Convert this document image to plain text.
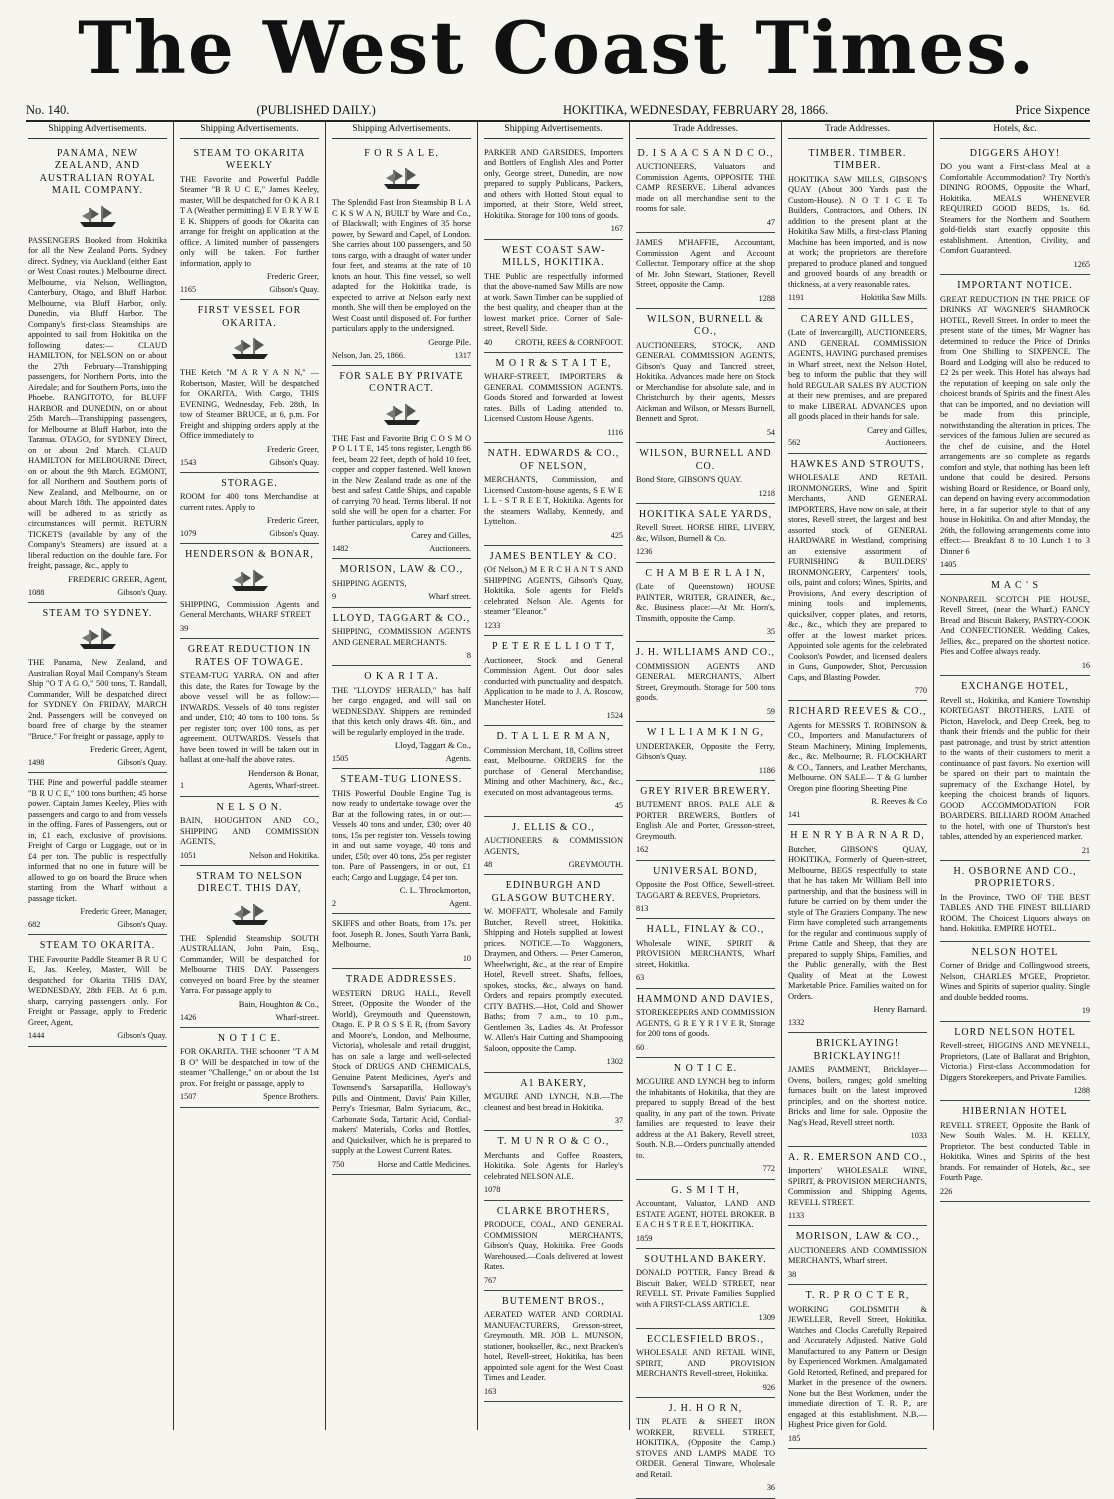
The West Coast Times.
No. 140.	(PUBLISHED DAILY.)	HOKITIKA, WEDNESDAY, FEBRUARY 28, 1866.	Price Sixpence
Shipping Advertisements.
PANAMA, NEW ZEALAND, AND AUSTRALIAN ROYAL MAIL COMPANY.
PASSENGERS Booked from Hokitika for all the New Zealand Ports. Sydney direct. Sydney, via Auckland (either East or West Coast routes.) Melbourne direct. Melbourne, via Nelson, Wellington, Canterbury, Otago, and Bluff Harbor. Melbourne, via Bluff Harbor, only. Dunedin, via Bluff Harbor. The Company's first-class Steamships are appointed to sail from Hokitika on the following dates:— CLAUD HAMILTON, for NELSON on or about the 27th February—Transhipping passengers, for Northern Ports, into the Airedale; and for Southern Ports, into the Phoebe. RANGITOTO, for BLUFF HARBOR and DUNEDIN, on or about 25th March—Transhipping passengers, for Melbourne at Bluff Harbor, into the Taranua. OTAGO, for SYDNEY Direct, on or about 2nd March. CLAUD HAMILTON for MELBOURNE Direct, on or about the 9th March. EGMONT, for all Northern and Southern ports of New Zealand, and Melbourne, on or about March 18th. The appointed dates will be adhered to as strictly as circumstances will permit. RETURN TICKETS (available by any of the Company's Steamers) are issued at a liberal reduction on the double fare. For freight, passage, &c., apply to
FREDERIC GREER, Agent,
1088	Gibson's Quay.
STEAM TO SYDNEY.
THE Panama, New Zealand, and Australian Royal Mail Company's Steam Ship "O T A G O," 500 tons, T. Randall, Commander, Will be despatched direct for SYDNEY On FRIDAY, MARCH 2nd. Passengers will be conveyed on board free of charge by the steamer "Bruce." For freight or passage, apply to
Frederic Greer, Agent,
1498	Gibson's Quay.
THE Pine and powerful paddle steamer "B R U C E," 100 tons burthen; 45 horse power. Captain James Keeley, Plies with passengers and cargo to and from vessels in the offing. Fares of Passengers, out or in, £1 each, exclusive of provisions. Freight of Cargo or Luggage, out or in £4 per ton. The public is respectfully informed that no one in future will be allowed to go on board the Bruce when starting from the Wharf without a passage ticket.
Frederic Greer, Manager,
682	Gibson's Quay.
STEAM TO OKARITA.
THE Favourite Paddle Steamer B R U C E, Jas. Keeley, Master, Will be despatched for Okarita THIS DAY, WEDNESDAY, 28th FEB. At 6 p.m. sharp, carrying passengers only. For Freight or Passage, apply to Frederic Greer, Agent,
1444	Gibson's Quay.
Shipping Advertisements.
STEAM TO OKARITA WEEKLY
THE Favorite and Powerful Paddle Steamer "B R U C E," James Keeley, master, Will be despatched for O K A R I T A (Weather permitting) E V E R Y W E E K. Shippers of goods for Okarita can arrange for freight on application at the office. A limited number of passengers only will be taken. For further information, apply to
Frederic Greer,
1165	Gibson's Quay.
FIRST VESSEL FOR OKARITA.
THE Ketch "M A R Y A N N," — Robertson, Master, Will be despatched for OKARITA, With Cargo, THIS EVENING, Wednesday, Feb. 28th, In tow of Steamer BRUCE, at 6, p.m. For Freight and shipping orders apply at the Office immediately to
Frederic Greer,
1543	Gibson's Quay.
STORAGE.
ROOM for 400 tons Merchandise at current rates. Apply to
Frederic Greer,
1079	Gibson's Quay.
HENDERSON & BONAR,
SHIPPING, Commission Agents and General Merchants, WHARF STREET
39
GREAT REDUCTION IN RATES OF TOWAGE.
STEAM-TUG YARRA. ON and after this date, the Rates for Towage by the above vessel will be as follow:— INWARDS. Vessels of 40 tons register and under, £10; 40 tons to 100 tons. 5s per register ton; over 100 tons, as per agreement. OUTWARDS. Vessels that have been towed in will be taken out in ballast at one-half the above rates.
Henderson & Bonar,
1	Agents, Wharf-street.
N E L S O N.
BAIN, HOUGHTON AND CO., SHIPPING AND COMMISSION AGENTS,
1051	Nelson and Hokitika.
STRAM TO NELSON DIRECT. THIS DAY,
THE Splendid Steamship SOUTH AUSTRALIAN, John Pain, Esq., Commander, Will be despatched for Melbourne THIS DAY. Passengers conveyed on board Free by the steamer Yarra. For passage apply to
Bain, Houghton & Co.,
1426	Wharf-street.
N O T I C E.
FOR OKARITA. THE schooner "T A M B O" Will be despatched in tow of the steamer "Challenge," on or about the 1st prox. For freight or passage, apply to
1507	Spence Brothers.
Shipping Advertisements.
F O R S A L E.
The Splendid Fast Iron Steamship B L A C K S W A N, BUILT by Ware and Co., of Blackwall; with Engines of 35 horse power, by Seward and Capel, of London. She carries about 100 passengers, and 50 tons cargo, with a draught of water under four feet, and steams at the rate of 10 knots an hour. This fine vessel, so well adapted for the Hokitika trade, is expected to arrive at Nelson early next month. She will then be employed on the West Coast until disposed of. For further particulars apply to the undersigned.
George Pile.
Nelson, Jan. 25, 1866.	1317
FOR SALE BY PRIVATE CONTRACT.
THE Fast and Favorite Brig C O S M O P O L I T E, 145 tons register, Length 86 feet, beam 22 feet, depth of hold 10 feet, copper and copper fastened. Well known in the New Zealand trade as one of the best and safest Cattle Ships, and capable of carrying 70 head. Terms liberal. If not sold she will be open for a charter. For further particulars, apply to
Carey and Gilles,
1482	Auctioneers.
MORISON, LAW & CO.,
SHIPPING AGENTS,
9	Wharf street.
LLOYD, TAGGART & CO.,
SHIPPING, COMMISSION AGENTS AND GENERAL MERCHANTS.
8
O K A R I T A.
THE "LLOYDS' HERALD," has half her cargo engaged, and will sail on WEDNESDAY. Shippers are reminded that this ketch only draws 4ft. 6in., and will be regularly employed in the trade.
Lloyd, Taggart & Co.,
1505	Agents.
STEAM-TUG LIONESS.
THIS Powerful Double Engine Tug is now ready to undertake towage over the Bar at the following rates, in or out:— Vessels 40 tons and under, £30; over 40 tons, 15s per register ton. Vessels towing in and out same voyage, 40 tons and under, £50; over 40 tons, 25s per register ton. Pare of Passengers, in or out, £1 each; Cargo and Luggage, £4 per ton.
C. L. Throckmorton,
2	Agent.
SKIFFS and other Boats, from 17s. per foot. Joseph R. Jones, South Yarra Bank, Melbourne.
10
TRADE ADDRESSES.
WESTERN DRUG HALL, Revell Street, (Opposite the Wonder of the World), Greymouth and Queenstown, Otago. E. P R O S S E R, (from Savory and Moore's, London, and Melbourne, Victoria), wholesale and retail druggist, has on sale a large and well-selected Stock of DRUGS AND CHEMICALS, Genuine Patent Medicines, Ayer's and Townsend's Sarsaparilla, Holloway's Pills and Ointment, Davis' Pain Killer, Perry's Triesmar, Balm Syriacum, &c., Carbonate Soda, Tartaric Acid, Cordial-makers' Materials, Corks and Bottles, and Quicksilver, which he is prepared to supply at the Lowest Current Rates.
750	Horse and Cattle Medicines.
Shipping Advertisements.
PARKER AND GARSIDES, Importers and Bottlers of English Ales and Porter only, George street, Dunedin, are now prepared to supply Publicans, Packers, and others with Hotted Stout equal to imported, at their Store, Weld street, Hokitika. Storage for 100 tons of goods.
167
WEST COAST SAW-MILLS, HOKITIKA.
THE Public are respectfully informed that the above-named Saw Mills are now at work. Sawn Timber can be supplied of the best quality, and cheaper than at the lowest market price. Corner of Sale-street, Revell Side.
40	CROTH, REES & CORNFOOT.
M O I R & S T A I T E,
WHARF-STREET, IMPORTERS & GENERAL COMMISSION AGENTS. Goods Stored and forwarded at lowest rates. Bills of Lading attended to. Licensed Custom House Agents.
1116
NATH. EDWARDS & CO., OF NELSON,
MERCHANTS, Commission, and Licensed Custom-house agents, S E W E L L - S T R E E T, Hokitika. Agents for the steamers Wallaby, Kennedy, and Lyttelton.
425
JAMES BENTLEY & CO.
(Of Nelson,) M E R C H A N T S AND SHIPPING AGENTS, Gibson's Quay, Hokitika. Sole agents for Field's celebrated Nelson Ale. Agents for steamer "Eleanor."
1233
P E T E R E L L I O T T,
Auctioneer, Stock and General Commission Agent. Out door sales conducted with punctuality and despatch. Application to be made to J. A. Roscow, Manchester Hotel.
1524
D. T A L L E R M A N,
Commission Merchant, 18, Collins street east, Melbourne. ORDERS for the purchase of General Merchandise, Mining and other Machinery, &c., &c., executed on most advantageous terms.
45
J. ELLIS & CO.,
AUCTIONEERS & COMMISSION AGENTS,
48	GREYMOUTH.
EDINBURGH AND GLASGOW BUTCHERY.
W. MOFFATT, Wholesale and Family Butcher, Revell street, Hokitika. Shipping and Hotels supplied at lowest prices. NOTICE.—To Waggoners, Draymen, and Others. — Peter Cameron, Wheelwright, &c., at the rear of Empire Hotel, Revell street. Shafts, felloes, spokes, stocks, &c., always on hand. Orders and repairs promptly executed. CITY BATHS.—Hot, Cold and Shower Baths; from 7 a.m., to 10 p.m., Gentlemen 3s, Ladies 4s. At Professor W. Allen's Hair Cutting and Shampooing Saloon, opposite the Camp.
1302
A1 BAKERY,
M'GUIRE AND LYNCH, N.B.—The cleanest and best bread in Hokitika.
37
T. M U N R O & C O.,
Merchants and Coffee Roasters, Hokitika. Sole Agents for Harley's celebrated NELSON ALE.
1078
CLARKE BROTHERS,
PRODUCE, COAL, AND GENERAL COMMISSION MERCHANTS, Gibson's Quay, Hokitika. Free Goods Warehoused.—Coals delivered at lowest Rates.
767
BUTEMENT BROS.,
AERATED WATER AND CORDIAL MANUFACTURERS, Gresson-street, Greymouth. MR. JOB L. MUNSON, stationer, bookseller, &c., next Bracken's hotel, Revell-street, Hokitika, has been appointed sole agent for the West Coast Times and Leader.
163
Trade Addresses.
D. I S A A C S A N D C O.,
AUCTIONEERS, Valuators and Commission Agents, OPPOSITE THE CAMP RESERVE. Liberal advances made on all merchandise sent to the rooms for sale.
47
JAMES M'HAFFIE, Accountant, Commission Agent and Account Collector. Temporary office at the shop of Mr. John Stewart, Stationer, Revell Street, opposite the Camp.
1288
WILSON, BURNELL & CO.,
AUCTIONEERS, STOCK, AND GENERAL COMMISSION AGENTS, Gibson's Quay and Tancred street, Hokitika. Advances made here on Stock or Merchandise for absolute sale, and in Christchurch by their agents, Messrs Aickman and Wilson, or Messrs Burnell, Bennett and Sprot.
54
WILSON, BURNELL AND CO.
Bond Store, GIBSON'S QUAY.
1218
HOKITIKA SALE YARDS,
Revell Street. HORSE HIRE, LIVERY, &c, Wilson, Burnell & Co.
1236
C H A M B E R L A I N,
(Late of Queenstown) HOUSE PAINTER, WRITER, GRAINER, &c., &c. Business place:—At Mr. Horn's, Tinsmith, opposite the Camp.
35
J. H. WILLIAMS AND CO.,
COMMISSION AGENTS AND GENERAL MERCHANTS, Albert Street, Greymouth. Storage for 500 tons goods.
59
W I L L I A M K I N G,
UNDERTAKER, Opposite the Ferry, Gibson's Quay.
1186
GREY RIVER BREWERY.
BUTEMENT BROS. PALE ALE & PORTER BREWERS, Bottlers of English Ale and Porter, Gresson-street, Greymouth.
162
UNIVERSAL BOND,
Opposite the Post Office, Sewell-street. TAGGART & REEVES, Proprietors.
813
HALL, FINLAY & CO.,
Wholesale WINE, SPIRIT & PROVISION MERCHANTS, Wharf street, Hokitika.
63
HAMMOND AND DAVIES,
STOREKEEPERS AND COMMISSION AGENTS, G R E Y R I V E R, Storage for 200 tons of goods.
60
N O T I C E.
MCGUIRE AND LYNCH beg to inform the inhabitants of Hokitika, that they are prepared to supply Bread of the best quality, in any part of the town. Private families are requested to leave their address at the A1 Bakery, Revell street, South. N.B.—Orders punctually attended to.
772
G. S M I T H,
Accountant, Valuator, LAND AND ESTATE AGENT, HOTEL BROKER. B E A C H S T R E E T, HOKITIKA.
1859
SOUTHLAND BAKERY.
DONALD POTTER, Fancy Bread & Biscuit Baker, WELD STREET, near REVELL ST. Private Families Supplied with A FIRST-CLASS ARTICLE.
1309
ECCLESFIELD BROS.,
WHOLESALE AND RETAIL WINE, SPIRIT, AND PROVISION MERCHANTS Revell-street, Hokitika.
926
J. H. H O R N,
TIN PLATE & SHEET IRON WORKER, REVELL STREET, HOKITIKA, (Opposite the Camp.) STOVES AND LAMPS MADE TO ORDER. General Tinware, Wholesale and Retail.
36
Trade Addresses.
TIMBER. TIMBER. TIMBER.
HOKITIKA SAW MILLS, GIBSON'S QUAY (About 300 Yards past the Custom-House). N O T I C E To Builders, Contractors, and Others. IN addition to the present plant at the Hokitika Saw Mills, a first-class Planing Machine has been imported, and is now at work; the proprietors are therefore prepared to produce planed and tongued and grooved boards of any breadth or thickness, at a very reasonable rates.
1191	Hokitika Saw Mills.
CAREY AND GILLES,
(Late of Invercargill), AUCTIONEERS, AND GENERAL COMMISSION AGENTS, HAVING purchased premises in Wharf street, next the Nelson Hotel, beg to inform the public that they will hold REGULAR SALES BY AUCTION at their new premises, and are prepared to make LIBERAL ADVANCES upon all goods placed in their hands for sale.
Carey and Gilles,
562	Auctioneers.
HAWKES AND STROUTS,
WHOLESALE AND RETAIL IRONMONGERS, Wine and Spirit Merchants, AND GENERAL IMPORTERS, Have now on sale, at their stores, Revell street, the largest and best assorted stock of GENERAL HARDWARE in Westland, comprising an extensive assortment of FURNISHING & BUILDERS' IRONMONGERY, Carpenters' tools, oils, paint and colors; Wines, Spirits, and Provisions, And every description of mining tools and implements, quicksilver, copper plates, and retorts, &c., &c., which they are prepared to offer at the lowest market prices. Appointed sole agents for the celebrated Cookson's Powder, and licensed dealers in Guns, Gunpowder, Shot, Percussion Caps, and Blasting Powder.
770
RICHARD REEVES & CO.,
Agents for MESSRS T. ROBINSON & CO., Importers and Manufacturers of Steam Machinery, Mining Implements, &c., &c. Melbourne; R. FLOCKHART & CO., Tanners, and Leather Merchants, Melbourne. ON SALE— T & G lumber Oregon pine flooring Sheeting Pine
R. Reeves & Co
141
H E N R Y B A R N A R D,
Butcher, GIBSON'S QUAY, HOKITIKA, Formerly of Queen-street, Melbourne, BEGS respectfully to state that he has taken Mr William Bell into partnership, and that the business will in future be carried on by them under the style of The Graziers Company. The new Firm have completed such arrangements for the regular and continuous supply of Prime Cattle and Sheep, that they are prepared to supply Ships, Families, and the Public generally, with the Best Quality of Meat at the Lowest Marketable Price. Families waited on for Orders.
Henry Barnard.
1332
BRICKLAYING! BRICKLAYING!!
JAMES PAMMENT, Bricklayer—Ovens, boilers, ranges; gold smelting furnaces built on the latest improved principles, and on the shortest notice. Bricks and lime for sale. Opposite the Nag's Head, Revell street north.
1033
A. R. EMERSON AND CO.,
Importers' WHOLESALE WINE, SPIRIT, & PROVISION MERCHANTS, Commission and Shipping Agents, REVELL STREET.
1133
MORISON, LAW & CO.,
AUCTIONEERS AND COMMISSION MERCHANTS, Wharf street.
38
T. R. P R O C T E R,
WORKING GOLDSMITH & JEWELLER, Revell Street, Hokitika. Watches and Clocks Carefully Repaired and Accurately Adjusted. Native Gold Manufactured to any Pattern or Design by Experienced Workmen. Amalgamated Gold Retorted, Refined, and prepared for Market in the presence of the owners. None but the Best Workmen, under the immediate direction of T. R. P., are engaged at this establishment. N.B.—Highest Price given for Gold.
185
Hotels, &c.
DIGGERS AHOY!
DO you want a First-class Meal at a Comfortable Accommodation? Try North's DINING ROOMS, Opposite the Wharf, Hokitika. MEALS WHENEVER REQUIRED GOOD BEDS, 1s. 6d. Steamers for the Northern and Southern gold-fields start exactly opposite this establishment. Attention, Civility, and Comfort Guaranteed.
1265
IMPORTANT NOTICE.
GREAT REDUCTION IN THE PRICE OF DRINKS AT WAGNER'S SHAMROCK HOTEL, Revell Street. In order to meet the present state of the times, Mr Wagner has determined to reduce the Price of Drinks from One Shilling to SIXPENCE. The Board and Lodging will also be reduced to £2 2s per week. This Hotel has always had the reputation of keeping on sale only the choicest brands of Spirits and the finest Ales that can be imported, and no deviation will be made from this principle, notwithstanding the alteration in prices. The services of the famous Julien are secured as the chef de cuisine, and the Hotel arrangements are so complete as regards comfort and style, that nothing has been left undone that could be desired. Persons wishing Board or Residence, or Board only, can depend on having every accommodation here, in a far superior style to that of any house in Hokitika. On and after Monday, the 26th, the following arrangements come into effect:— Breakfast 8 to 10 Lunch 1 to 3 Dinner 6
1405
M A C ' S
NONPAREIL SCOTCH PIE HOUSE, Revell Street, (near the Wharf.) FANCY Bread and Biscuit Bakery, PASTRY-COOK And CONFECTIONER. Wedding Cakes, Jellies, &c., prepared on the shortest notice. Pies and Coffee always ready.
16
EXCHANGE HOTEL,
Revell st., Hokitika, and Kaniere Township KORTEGAST BROTHERS, LATE of Picton, Havelock, and Deep Creek, beg to thank their friends and the public for their past patronage, and trust by strict attention to the wants of their customers to merit a continuance of past favors. No exertion will be spared on their part to maintain the supremacy of the Exchange Hotel, by keeping the choicest brands of liquors. GOOD ACCOMMODATION FOR BOARDERS. BILLIARD ROOM Attached to the hotel, with one of Thurston's best tables, attended by an experienced marker.
21
H. OSBORNE AND CO., PROPRIETORS.
In the Province, TWO OF THE BEST TABLES AND THE FINEST BILLIARD ROOM. The Choicest Liquors always on hand. Hokitika. EMPIRE HOTEL.
NELSON HOTEL
Corner of Bridge and Collingwood streets, Nelson, CHARLES M'GEE, Proprietor. Wines and Spirits of superior quality. Single and double bedded rooms.
19
LORD NELSON HOTEL
Revell-street, HIGGINS AND MEYNELL, Proprietors, (Late of Ballarat and Brighton, Victoria.) First-class Accommodation for Diggers Storekeepers, and Private Families.
1288
HIBERNIAN HOTEL
REVELL STREET, Opposite the Bank of New South Wales. M. H. KELLY, Proprietor. The best conducted Table in Hokitika. Wines and Spirits of the best brands. For remainder of Hotels, &c., see Fourth Page.
226
